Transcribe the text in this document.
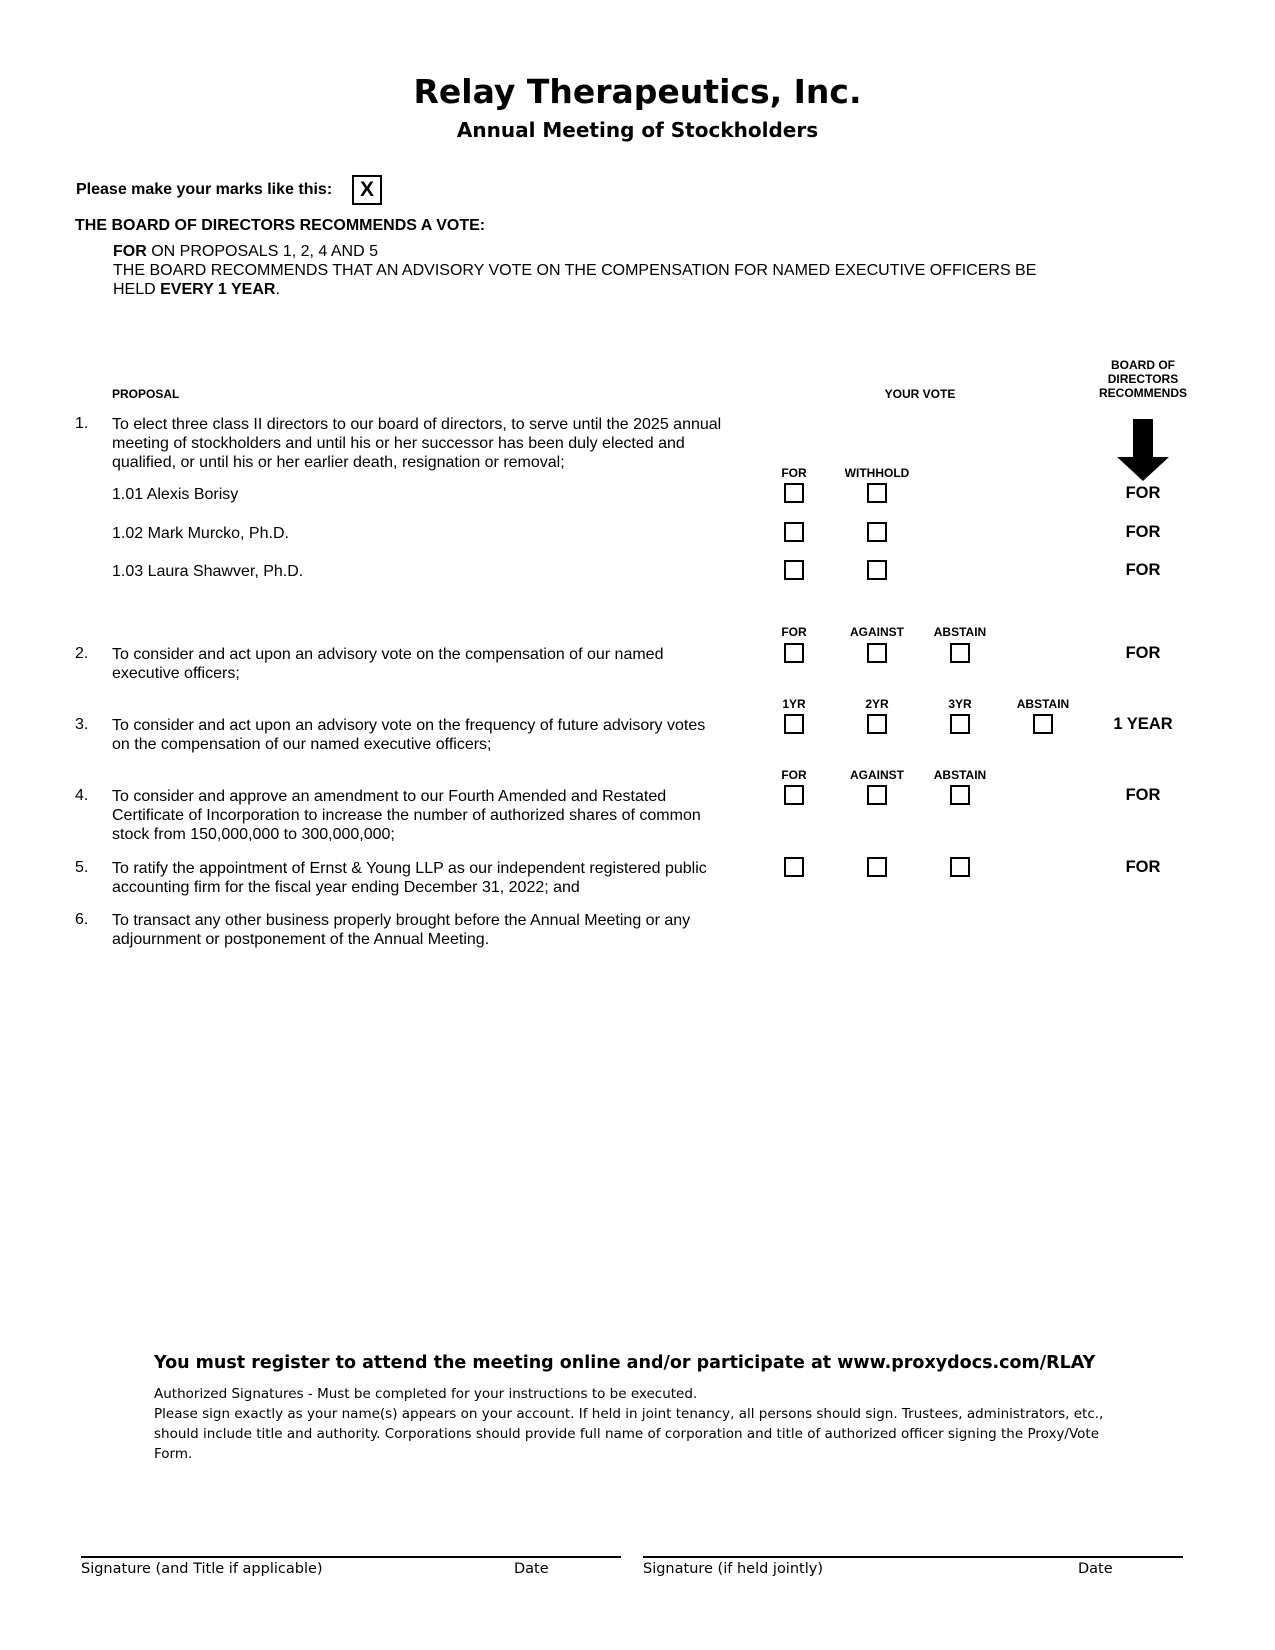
Relay Therapeutics, Inc.
Annual Meeting of Stockholders
Please make your marks like this:	X
THE BOARD OF DIRECTORS RECOMMENDS A VOTE:
FOR ON PROPOSALS 1, 2, 4 AND 5
THE BOARD RECOMMENDS THAT AN ADVISORY VOTE ON THE COMPENSATION FOR NAMED EXECUTIVE OFFICERS BE
HELD EVERY 1 YEAR.
PROPOSAL	YOUR VOTE
BOARD OF
DIRECTORS
RECOMMENDS
1. To elect three class II directors to our board of directors, to serve until the 2025 annual
meeting of stockholders and until his or her successor has been duly elected and
qualified, or until his or her earlier death, resignation or removal;
FOR	WITHHOLD
1.01 Alexis Borisy	FOR
1.02 Mark Murcko, Ph.D.	FOR
1.03 Laura Shawver, Ph.D.	FOR
FOR	AGAINST	ABSTAIN
2. To consider and act upon an advisory vote on the compensation of our named
executive officers;
FOR
1YR	2YR	3YR	ABSTAIN
3. To consider and act upon an advisory vote on the frequency of future advisory votes
on the compensation of our named executive officers;
1 YEAR
FOR	AGAINST	ABSTAIN
4. To consider and approve an amendment to our Fourth Amended and Restated
Certificate of Incorporation to increase the number of authorized shares of common
stock from 150,000,000 to 300,000,000;
FOR
5. To ratify the appointment of Ernst & Young LLP as our independent registered public
accounting firm for the fiscal year ending December 31, 2022; and
FOR
6. To transact any other business properly brought before the Annual Meeting or any
adjournment or postponement of the Annual Meeting.
You must register to attend the meeting online and/or participate at www.proxydocs.com/RLAY
Authorized Signatures - Must be completed for your instructions to be executed.
Please sign exactly as your name(s) appears on your account. If held in joint tenancy, all persons should sign. Trustees, administrators, etc.,
should include title and authority. Corporations should provide full name of corporation and title of authorized officer signing the Proxy/Vote
Form.
Signature (and Title if applicable)	Date	Signature (if held jointly)	Date
